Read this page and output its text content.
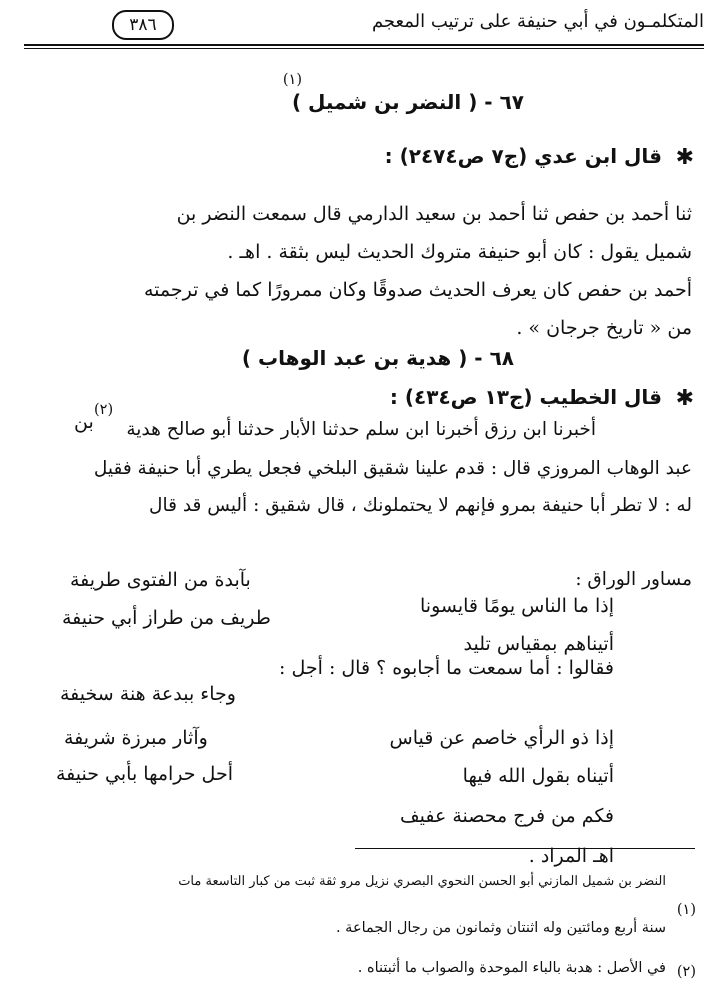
المتكلمـون في أبي حنيفة على ترتيب المعجم
٣٨٦
٦٧ - ( النضر بن شميل )
(١)
✱
قال ابن عدي (ج٧ ص٢٤٧٤) :
ثنا أحمد بن حفص ثنا أحمد بن سعيد الدارمي قال سمعت النضر بن
شميل يقول : كان أبو حنيفة متروك الحديث ليس بثقة . اهـ .
أحمد بن حفص كان يعرف الحديث صدوقًا وكان ممرورًا كما في ترجمته
من « تاريخ جرجان » .
٦٨ - ( هدية بن عبد الوهاب )
✱
قال الخطيب (ج١٣ ص٤٣٤) :
(٢)
بن أخبرنا ابن رزق أخبرنا ابن سلم حدثنا الأبار حدثنا أبو صالح هدية
عبد الوهاب المروزي قال : قدم علينا شقيق البلخي فجعل يطري أبا حنيفة فقيل
له : لا تطر أبا حنيفة بمرو فإنهم لا يحتملونك ، قال شقيق : أليس قد قال
مساور الوراق :
إذا ما الناس يومًا قايسونا
بآبدة من الفتوى طريفة
أتيناهم بمقياس تليد
طريف من طراز أبي حنيفة
فقالوا : أما سمعت ما أجابوه ؟ قال : أجل :
إذا ذو الرأي خاصم عن قياس
وجاء ببدعة هنة سخيفة
أتيناه بقول الله فيها
وآثار مبرزة شريفة
فكم من فرج محصنة عفيف
أحل حرامها بأبي حنيفة
اهـ المراد .
(١)
النضر بن شميل المازني أبو الحسن النحوي البصري نزيل مرو ثقة ثبت من كبار التاسعة مات
سنة أربع ومائتين وله اثنتان وثمانون من رجال الجماعة .
(٢)
في الأصل : هدبة بالباء الموحدة والصواب ما أثبتناه .
